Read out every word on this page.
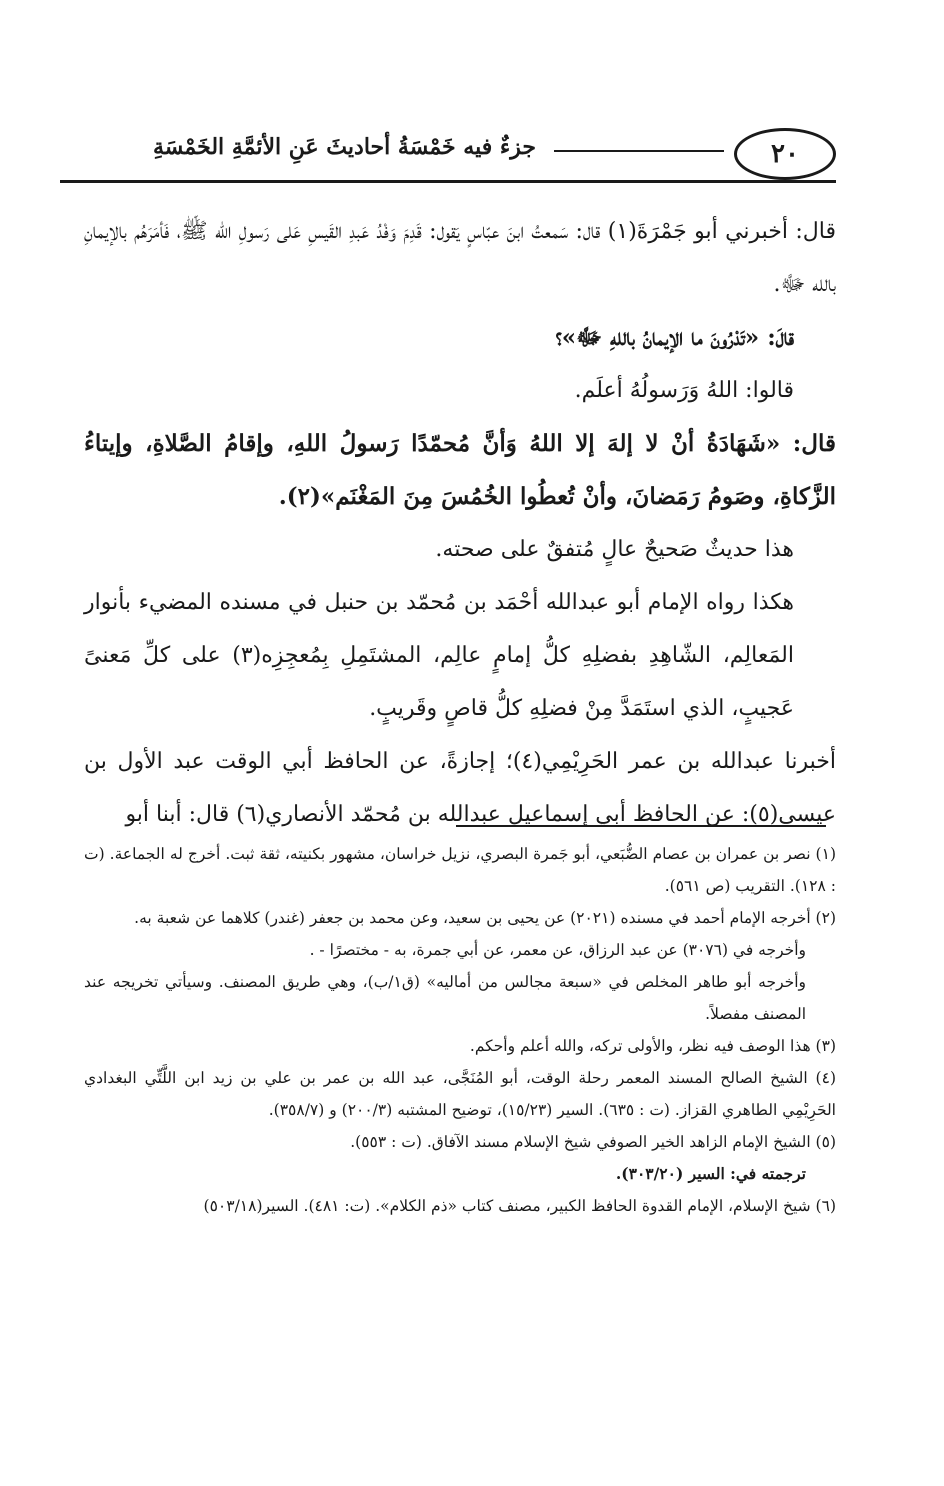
٢٠
جزءٌ فيه خَمْسَةُ أحاديثَ عَنِ الأئمَّةِ الخَمْسَةِ

قال: أخبرني أبو جَمْرَةَ(١) قال: سَمعتُ ابنَ عبّاسٍ يَقول: قَدِمَ وَفْدُ عَبدِ القَيسِ عَلى رَسولِ الله ﷺ، فَأمَرَهُم بالإيمانِ بالله ﷻ.

قالَ: «تَدْرُونَ ما الإيمانُ باللهِ ﷻ»؟

قالوا: اللهُ وَرَسولُهُ أعلَم.

قال: «شَهَادَةُ أنْ لا إلهَ إلا اللهُ وَأنَّ مُحمّدًا رَسولُ اللهِ، وإقامُ الصَّلاةِ، وإيتاءُ الزَّكاةِ، وصَومُ رَمَضانَ، وأنْ تُعطُوا الخُمُسَ مِنَ المَغْنَم»(٢).

هذا حديثٌ صَحيحٌ عالٍ مُتفقٌ على صحته.

هكذا رواه الإمام أبو عبدالله أحْمَد بن مُحمّد بن حنبل في مسنده المضيء بأنوار المَعالِم، الشّاهِدِ بفضلِهِ كلُّ إمامٍ عالِم، المشتَمِلِ بِمُعجِزِه(٣) على كلِّ مَعنىً عَجيبٍ، الذي استَمَدَّ مِنْ فضلِهِ كلُّ قاصٍ وقَريبٍ.

أخبرنا عبدالله بن عمر الحَرِيْمِي(٤)؛ إجازةً، عن الحافظ أبي الوقت عبد الأول بن عيسى(٥): عن الحافظ أبي إسماعيل عبدالله بن مُحمّد الأنصاري(٦) قال: أبنا أبو

(١) نصر بن عمران بن عصام الضُّبَعي، أبو جَمرة البصري، نزيل خراسان، مشهور بكنيته، ثقة ثبت. أخرج له الجماعة. (ت : ١٢٨). التقريب (ص ٥٦١).

(٢) أخرجه الإمام أحمد في مسنده (٢٠٢١) عن يحيى بن سعيد، وعن محمد بن جعفر (غندر) كلاهما عن شعبة به.

وأخرجه في (٣٠٧٦) عن عبد الرزاق، عن معمر، عن أبي جمرة، به - مختصرًا - .

وأخرجه أبو طاهر المخلص في «سبعة مجالس من أماليه» (ق١/ب)، وهي طريق المصنف. وسيأتي تخريجه عند المصنف مفصلاً.

(٣) هذا الوصف فيه نظر، والأولى تركه، والله أعلم وأحكم.

(٤) الشيخ الصالح المسند المعمر رحلة الوقت، أبو المُنَجَّى، عبد الله بن عمر بن علي بن زيد ابن اللَّتِّي البغدادي الحَرِيْمِي الطاهري القزاز. (ت : ٦٣٥). السير (١٥/٢٣)، توضيح المشتبه (٢٠٠/٣) و (٣٥٨/٧).

(٥) الشيخ الإمام الزاهد الخير الصوفي شيخ الإسلام مسند الآفاق. (ت : ٥٥٣).

ترجمته في: السير (٣٠٣/٢٠).

(٦) شيخ الإسلام، الإمام القدوة الحافظ الكبير، مصنف كتاب «ذم الكلام». (ت: ٤٨١). السير(٥٠٣/١٨)
